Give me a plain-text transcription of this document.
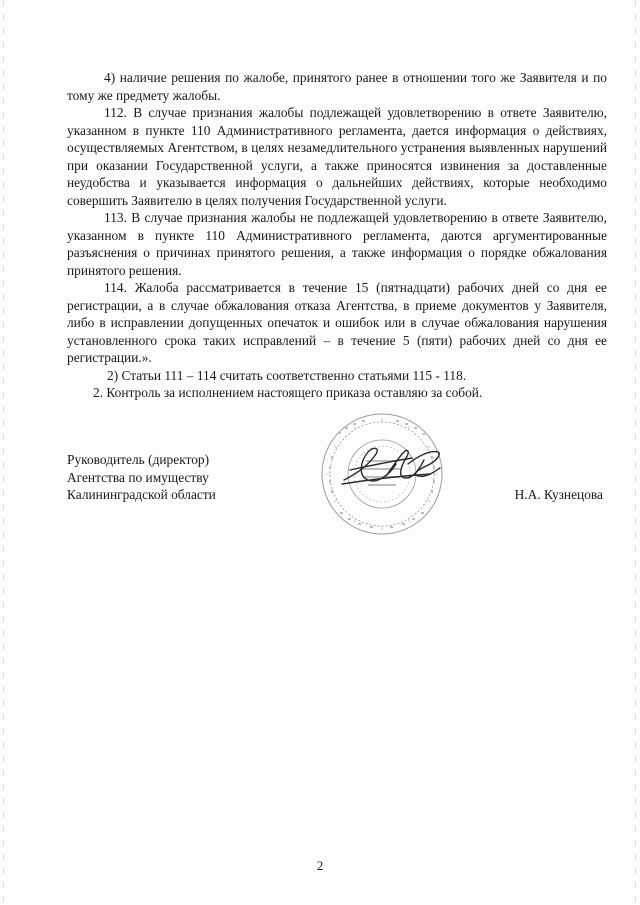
4) наличие решения по жалобе, принятого ранее в отношении того же Заявителя и по тому же предмету жалобы.

112. В случае признания жалобы подлежащей удовлетворению в ответе Заявителю, указанном в пункте 110 Административного регламента, дается информация о действиях, осуществляемых Агентством, в целях незамедлительного устранения выявленных нарушений при оказании Государственной услуги, а также приносятся извинения за доставленные неудобства и указывается информация о дальнейших действиях, которые необходимо совершить Заявителю в целях получения Государственной услуги.

113. В случае признания жалобы не подлежащей удовлетворению в ответе Заявителю, указанном в пункте 110 Административного регламента, даются аргументированные разъяснения о причинах принятого решения, а также информация о порядке обжалования принятого решения.

114. Жалоба рассматривается в течение 15 (пятнадцати) рабочих дней со дня ее регистрации, а в случае обжалования отказа Агентства, в приеме документов у Заявителя, либо в исправлении допущенных опечаток и ошибок или в случае обжалования нарушения установленного срока таких исправлений – в течение 5 (пяти) рабочих дней со дня ее регистрации.».

2) Статьи 111 – 114 считать соответственно статьями 115 - 118.

2. Контроль за исполнением настоящего приказа оставляю за собой.

Руководитель (директор)

Агентства по имуществу

Калининградской области	Н.А. Кузнецова
2
